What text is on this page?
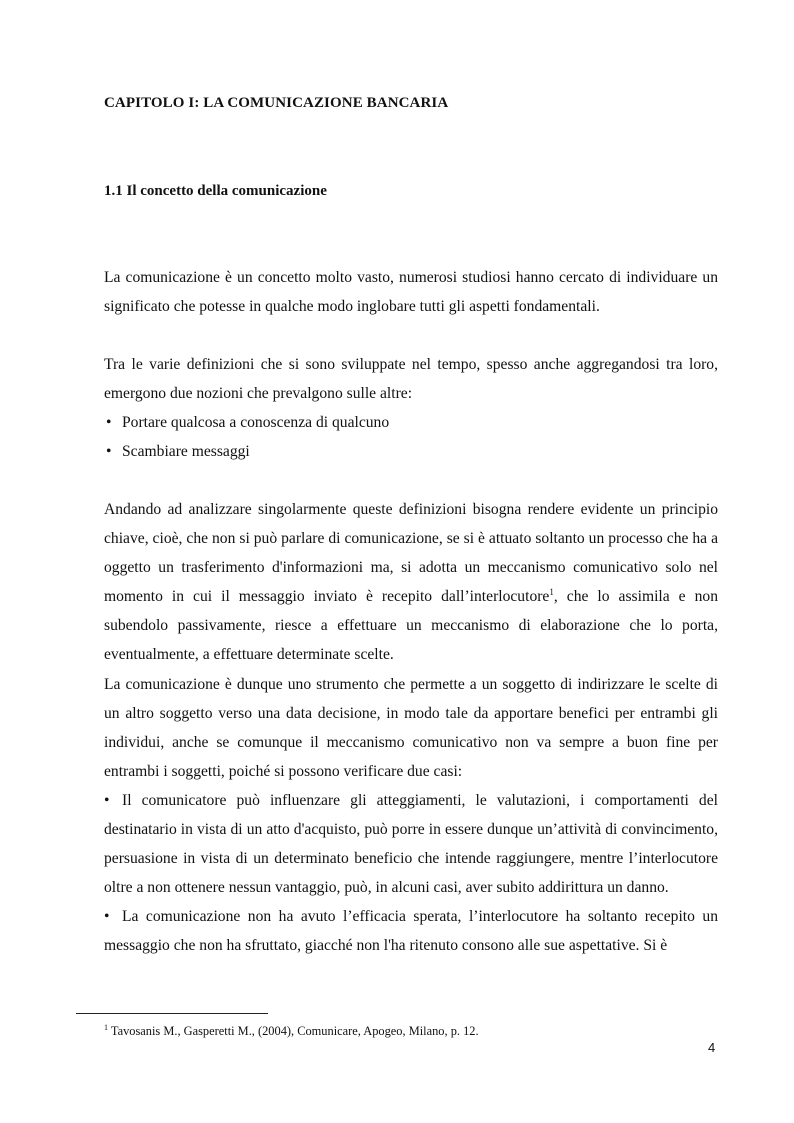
CAPITOLO I: LA COMUNICAZIONE BANCARIA
1.1 Il concetto della comunicazione

La comunicazione è un concetto molto vasto, numerosi studiosi hanno cercato di individuare un significato che potesse in qualche modo inglobare tutti gli aspetti fondamentali.

Tra le varie definizioni che si sono sviluppate nel tempo, spesso anche aggregandosi tra loro, emergono due nozioni che prevalgono sulle altre:

• Portare qualcosa a conoscenza di qualcuno
• Scambiare messaggi

Andando ad analizzare singolarmente queste definizioni bisogna rendere evidente un principio chiave, cioè, che non si può parlare di comunicazione, se si è attuato soltanto un processo che ha a oggetto un trasferimento d'informazioni ma, si adotta un meccanismo comunicativo solo nel momento in cui il messaggio inviato è recepito dall’interlocutore$^1$, che lo assimila e non subendolo passivamente, riesce a effettuare un meccanismo di elaborazione che lo porta, eventualmente, a effettuare determinate scelte.

La comunicazione è dunque uno strumento che permette a un soggetto di indirizzare le scelte di un altro soggetto verso una data decisione, in modo tale da apportare benefici per entrambi gli individui, anche se comunque il meccanismo comunicativo non va sempre a buon fine per entrambi i soggetti, poiché si possono verificare due casi:

• Il comunicatore può influenzare gli atteggiamenti, le valutazioni, i comportamenti del destinatario in vista di un atto d'acquisto, può porre in essere dunque un’attività di convincimento, persuasione in vista di un determinato beneficio che intende raggiungere, mentre l’interlocutore oltre a non ottenere nessun vantaggio, può, in alcuni casi, aver subito addirittura un danno.
• La comunicazione non ha avuto l’efficacia sperata, l’interlocutore ha soltanto recepito un messaggio che non ha sfruttato, giacché non l'ha ritenuto consono alle sue aspettative. Si è

$^1$ Tavosanis M., Gasperetti M., (2004), Comunicare, Apogeo, Milano, p. 12.

4
